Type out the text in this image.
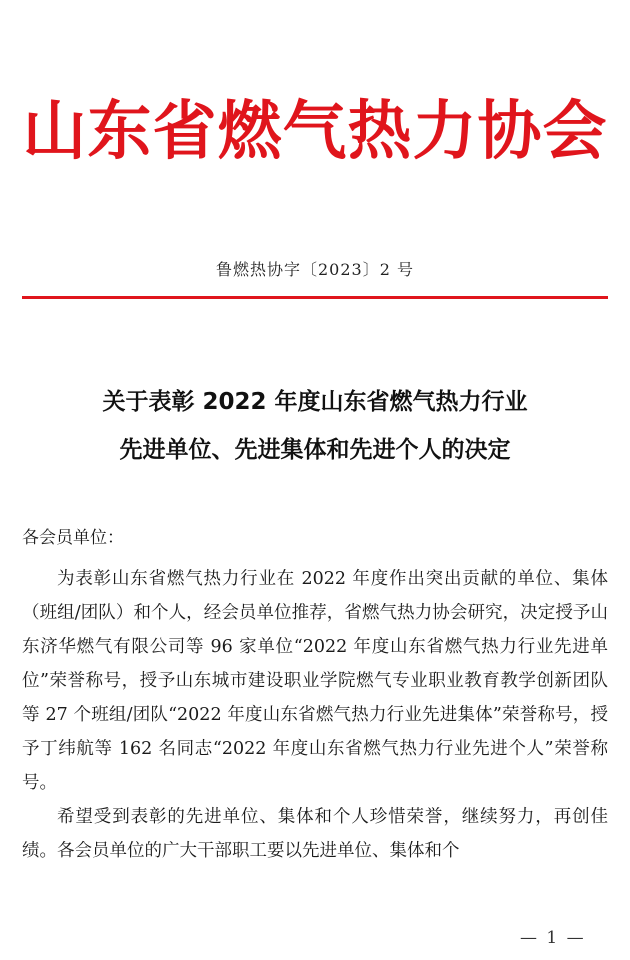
山东省燃气热力协会
鲁燃热协字〔2023〕2 号
关于表彰 2022 年度山东省燃气热力行业
先进单位、先进集体和先进个人的决定
各会员单位：

为表彰山东省燃气热力行业在 2022 年度作出突出贡献的单位、集体（班组/团队）和个人，经会员单位推荐，省燃气热力协会研究，决定授予山东济华燃气有限公司等 96 家单位“2022 年度山东省燃气热力行业先进单位”荣誉称号，授予山东城市建设职业学院燃气专业职业教育教学创新团队等 27 个班组/团队“2022 年度山东省燃气热力行业先进集体”荣誉称号，授予丁纬航等 162 名同志“2022 年度山东省燃气热力行业先进个人”荣誉称号。

希望受到表彰的先进单位、集体和个人珍惜荣誉，继续努力，再创佳绩。各会员单位的广大干部职工要以先进单位、集体和个

— 1 —
